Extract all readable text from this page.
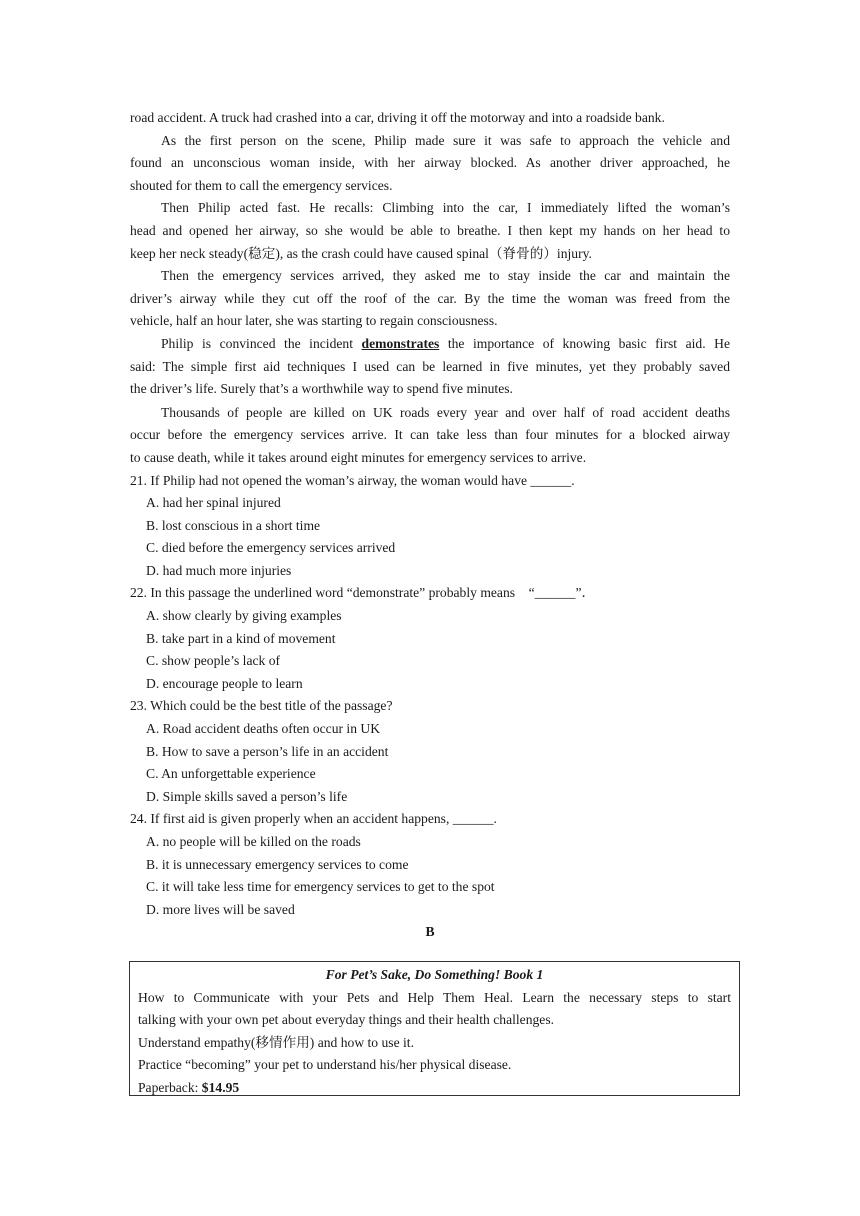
road accident. A truck had crashed into a car, driving it off the motorway and into a roadside bank.
As the first person on the scene, Philip made sure it was safe to approach the vehicle and
found an unconscious woman inside, with her airway blocked. As another driver approached, he
shouted for them to call the emergency services.
Then Philip acted fast. He recalls: Climbing into the car, I immediately lifted the woman’s
head and opened her airway, so she would be able to breathe. I then kept my hands on her head to
keep her neck steady(稳定), as the crash could have caused spinal（脊骨的）injury.
Then the emergency services arrived, they asked me to stay inside the car and maintain the
driver’s airway while they cut off the roof of the car. By the time the woman was freed from the
vehicle, half an hour later, she was starting to regain consciousness.
Philip is convinced the incident demonstrates the importance of knowing basic first aid. He
said: The simple first aid techniques I used can be learned in five minutes, yet they probably saved
the driver’s life. Surely that’s a worthwhile way to spend five minutes.
Thousands of people are killed on UK roads every year and over half of road accident deaths
occur before the emergency services arrive. It can take less than four minutes for a blocked airway
to cause death, while it takes around eight minutes for emergency services to arrive.
21. If Philip had not opened the woman’s airway, the woman would have ______.
A. had her spinal injured
B. lost conscious in a short time
C. died before the emergency services arrived
D. had much more injuries
22. In this passage the underlined word “demonstrate” probably means　“______”．
A. show clearly by giving examples
B. take part in a kind of movement
C. show people’s lack of
D. encourage people to learn
23. Which could be the best title of the passage?
A. Road accident deaths often occur in UK
B. How to save a person’s life in an accident
C. An unforgettable experience
D. Simple skills saved a person’s life
24. If first aid is given properly when an accident happens, ______.
A. no people will be killed on the roads
B. it is unnecessary emergency services to come
C. it will take less time for emergency services to get to the spot
D. more lives will be saved
B
For Pet’s Sake, Do Something! Book 1
How to Communicate with your Pets and Help Them Heal. Learn the necessary steps to start
talking with your own pet about everyday things and their health challenges.
Understand empathy(移情作用) and how to use it.
Practice “becoming” your pet to understand his/her physical disease.
Paperback: $14.95
